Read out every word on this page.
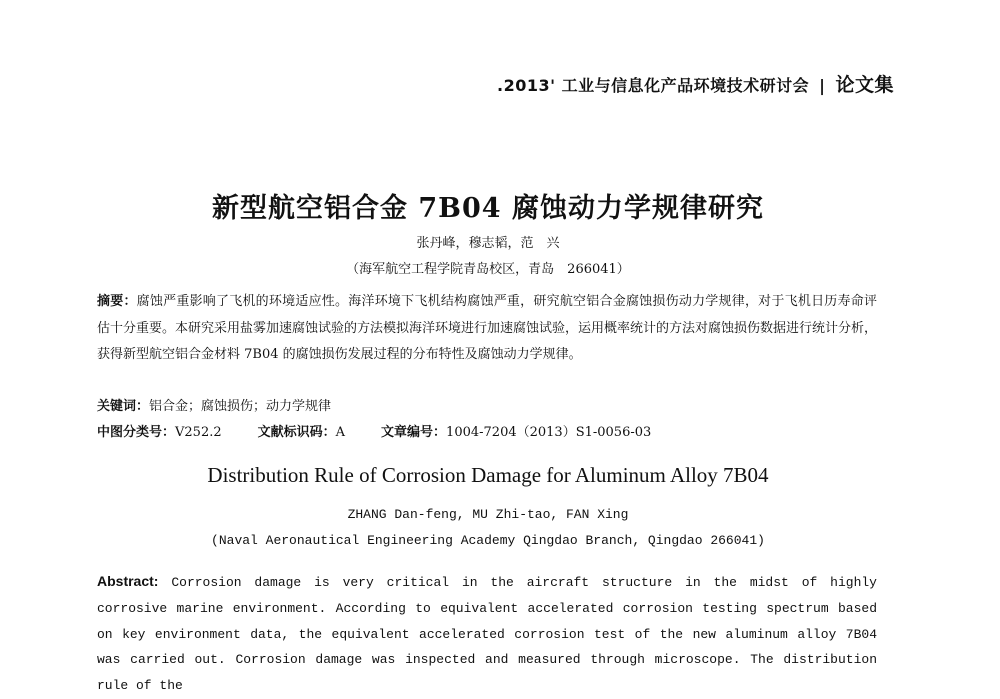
.2013' 工业与信息化产品环境技术研讨会 | 论文集
新型航空铝合金 7B04 腐蚀动力学规律研究
张丹峰，穆志韬，范　兴
（海军航空工程学院青岛校区，青岛　266041）
摘要：腐蚀严重影响了飞机的环境适应性。海洋环境下飞机结构腐蚀严重，研究航空铝合金腐蚀损伤动力学规律，对于飞机日历寿命评估十分重要。本研究采用盐雾加速腐蚀试验的方法模拟海洋环境进行加速腐蚀试验，运用概率统计的方法对腐蚀损伤数据进行统计分析，获得新型航空铝合金材料 7B04 的腐蚀损伤发展过程的分布特性及腐蚀动力学规律。
关键词：铝合金；腐蚀损伤；动力学规律
中图分类号：V252.2	文献标识码：A	文章编号：1004-7204（2013）S1-0056-03
Distribution Rule of Corrosion Damage for Aluminum Alloy 7B04
ZHANG Dan-feng, MU Zhi-tao, FAN Xing
(Naval Aeronautical Engineering Academy Qingdao Branch, Qingdao 266041)
Abstract: Corrosion damage is very critical in the aircraft structure in the midst of highly corrosive marine environment. According to equivalent accelerated corrosion testing spectrum based on key environment data, the equivalent accelerated corrosion test of the new aluminum alloy 7B04 was carried out. Corrosion damage was inspected and measured through microscope. The distribution rule of the
